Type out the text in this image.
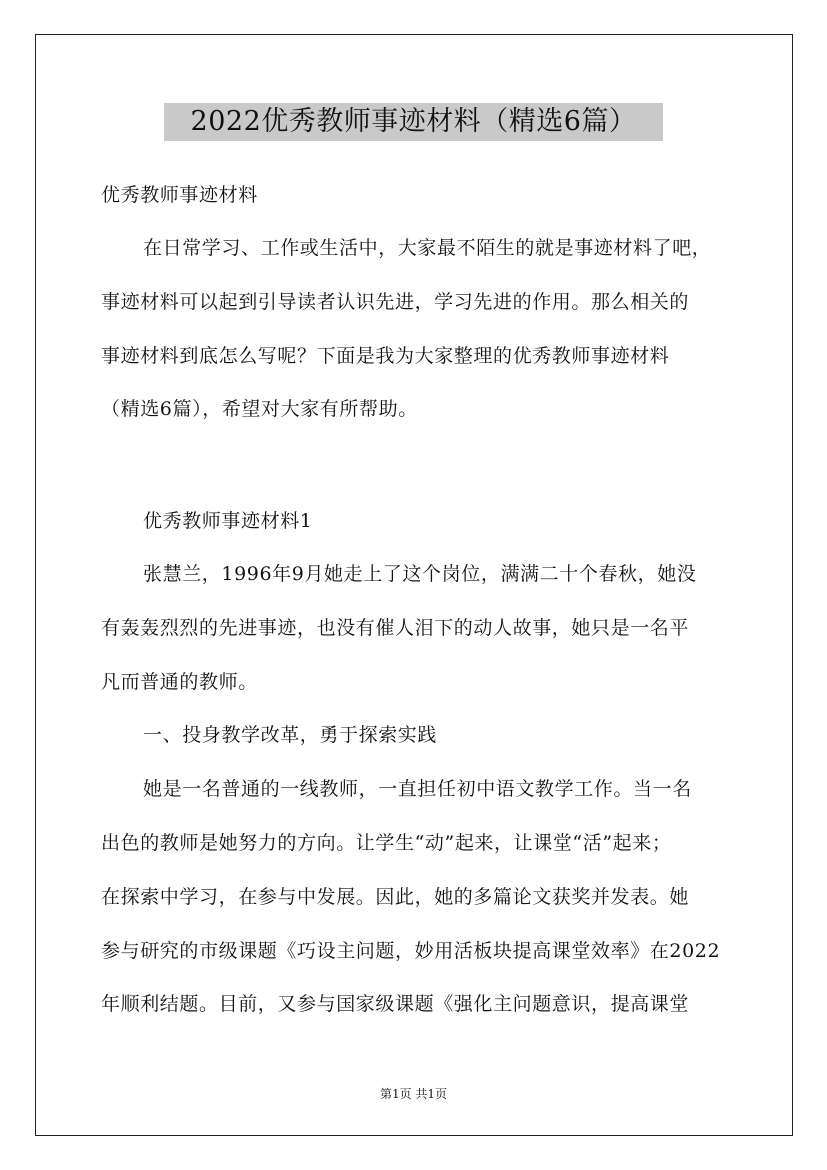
2022优秀教师事迹材料（精选6篇）
优秀教师事迹材料
在日常学习、工作或生活中，大家最不陌生的就是事迹材料了吧，
事迹材料可以起到引导读者认识先进，学习先进的作用。那么相关的
事迹材料到底怎么写呢？下面是我为大家整理的优秀教师事迹材料
（精选6篇），希望对大家有所帮助。
优秀教师事迹材料1
张慧兰，1996年9月她走上了这个岗位，满满二十个春秋，她没
有轰轰烈烈的先进事迹，也没有催人泪下的动人故事，她只是一名平
凡而普通的教师。
一、投身教学改革，勇于探索实践
她是一名普通的一线教师，一直担任初中语文教学工作。当一名
出色的教师是她努力的方向。让学生“动”起来，让课堂“活”起来；
在探索中学习，在参与中发展。因此，她的多篇论文获奖并发表。她
参与研究的市级课题《巧设主问题，妙用活板块提高课堂效率》在2022
年顺利结题。目前，又参与国家级课题《强化主问题意识，提高课堂
第1页 共1页
